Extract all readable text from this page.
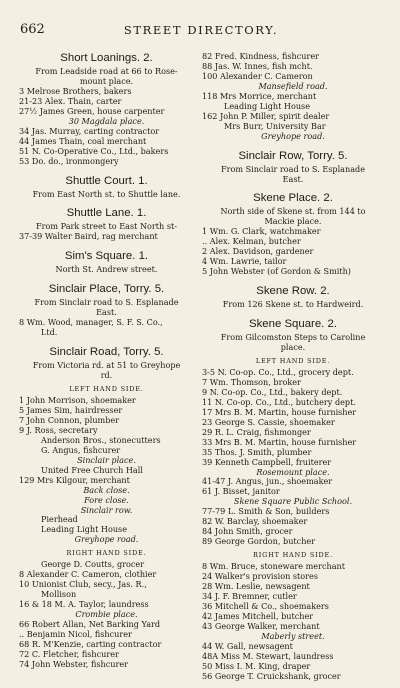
662	STREET DIRECTORY.
Short Loanings. 2.
From Leadside road at 66 to Rose-
mount place.
3 Melrose Brothers, bakers
21-23 Alex. Thain, carter
27½ James Green, house carpenter
30 Magdala place.
34 Jas. Murray, carting contractor
44 James Thain, coal merchant
51 N. Co-Operative Co., Ltd., bakers
53 Do. do., ironmongery
Shuttle Court. 1.
From East North st. to Shuttle lane.
Shuttle Lane. 1.
From Park street to East North st-
37-39 Walter Baird, rag merchant
Sim's Square. 1.
North St. Andrew street.
Sinclair Place, Torry. 5.
From Sinclair road to S. Esplanade
East.
8 Wm. Wood, manager, S. F. S. Co.,
Ltd.
Sinclair Road, Torry. 5.
From Victoria rd. at 51 to Greyhope
rd.
LEFT HAND SIDE.
1 John Morrison, shoemaker
5 James Sim, hairdresser
7 John Connon, plumber
9 J. Ross, secretary
Anderson Bros., stonecutters
G. Angus, fishcurer
Sinclair place.
United Free Church Hall
129 Mrs Kilgour, merchant
Back close.
Fore close.
Sinclair row.
Pierhead
Leading Light House
Greyhope road.
RIGHT HAND SIDE.
George D. Coutts, grocer
8 Alexander C. Cameron, clothier
10 Unionist Club, secy., Jas. R.,
Mollison
16 & 18 M. A. Taylor, laundress
Crombie place.
66 Robert Allan, Net Barking Yard
.. Benjamin Nicol, fishcurer
68 R. M'Kenzie, carting contractor
72 C. Fletcher, fishcurer
74 John Webster, fishcurer
82 Fred. Kindness, fishcurer
88 Jas. W. Innes, fish mcht.
100 Alexander C. Cameron
Mansefield road.
118 Mrs Morrice, merchant
Leading Light House
162 John P. Miller, spirit dealer
Mrs Burr, University Bar
Greyhope road.
Sinclair Row, Torry. 5.
From Sinclair road to S. Esplanade
East.
Skene Place. 2.
North side of Skene st. from 144 to
Mackie place.
1 Wm. G. Clark, watchmaker
.. Alex. Kelman, butcher
2 Alex. Davidson, gardener
4 Wm. Lawrie, tailor
5 John Webster (of Gordon & Smith)
Skene Row. 2.
From 126 Skene st. to Hardweird.
Skene Square. 2.
From Gilcomston Steps to Caroline
place.
LEFT HAND SIDE.
3-5 N. Co-op. Co., Ltd., grocery dept.
7 Wm. Thomson, broker
9 N. Co-op. Co., Ltd., bakery dept.
11 N. Co-op. Co., Ltd., butchery dept.
17 Mrs B. M. Martin, house furnisher
23 George S. Cassie, shoemaker
29 R. L. Craig, fishmonger
33 Mrs B. M. Martin, house furnisher
35 Thos. J. Smith, plumber
39 Kenneth Campbell, fruiterer
Rosemount place.
41-47 J. Angus, jun., shoemaker
61 J. Bisset, janitor
Skene Square Public School.
77-79 L. Smith & Son, builders
82 W. Barclay, shoemaker
84 John Smith, grocer
89 George Gordon, butcher
RIGHT HAND SIDE.
8 Wm. Bruce, stoneware merchant
24 Walker's provision stores
28 Wm. Leslie, newsagent
34 J. F. Bremner, cutler
36 Mitchell & Co., shoemakers
42 James Mitchell, butcher
43 George Walker, merchant
Maberly street.
44 W. Gall, newsagent
48A Miss M. Stewart, laundress
50 Miss I. M. King, draper
56 George T. Cruickshank, grocer
